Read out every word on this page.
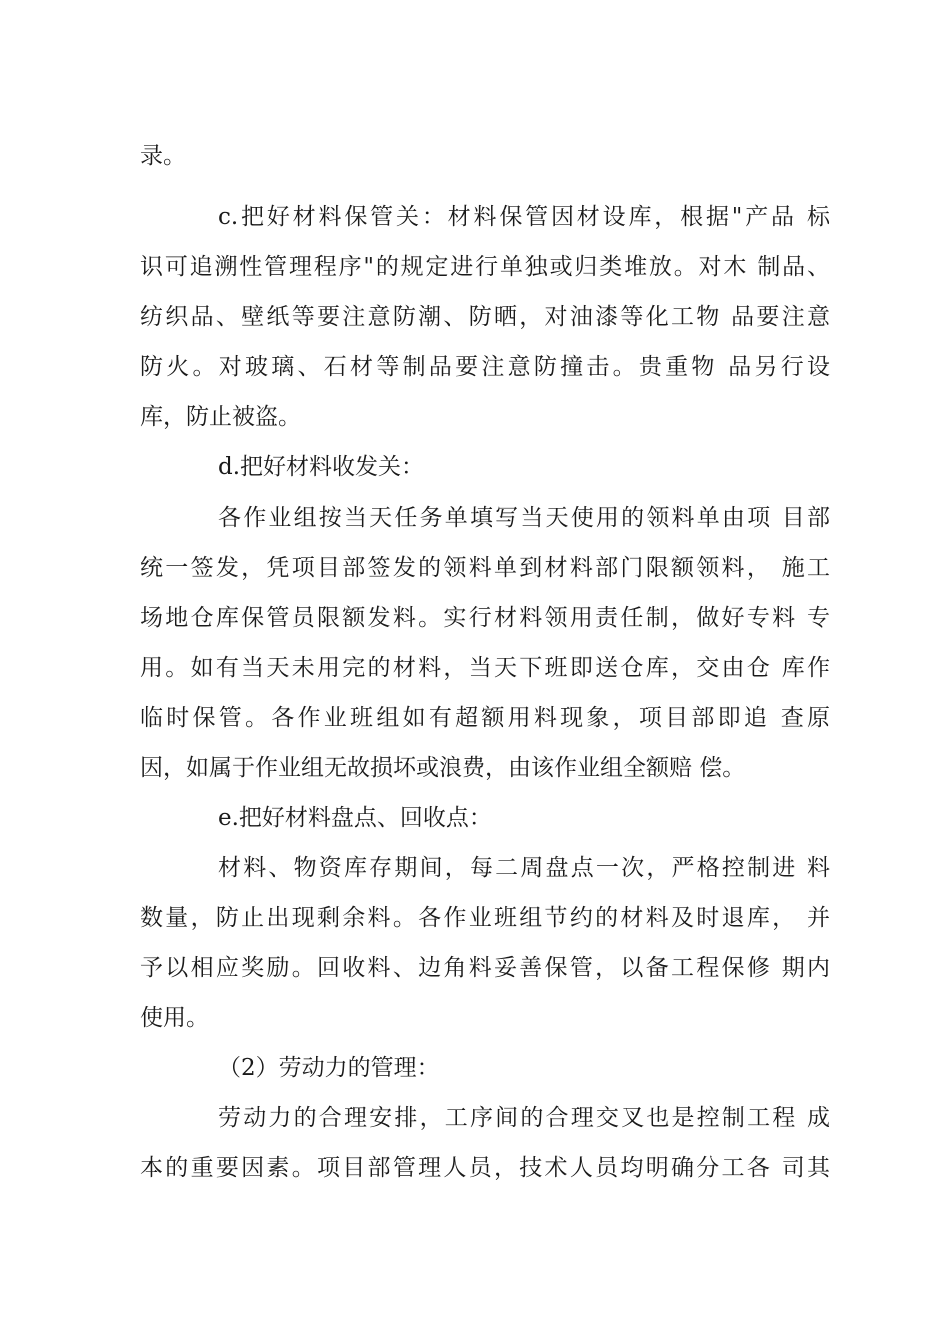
录。
c.把好材料保管关：材料保管因材设库，根据"产品 标
识可追溯性管理程序"的规定进行单独或归类堆放。对木 制品、
纺织品、壁纸等要注意防潮、防晒，对油漆等化工物 品要注意
防火。对玻璃、石材等制品要注意防撞击。贵重物 品另行设
库，防止被盗。
d.把好材料收发关：
各作业组按当天任务单填写当天使用的领料单由项 目部
统一签发，凭项目部签发的领料单到材料部门限额领料， 施工
场地仓库保管员限额发料。实行材料领用责任制，做好专料 专
用。如有当天未用完的材料，当天下班即送仓库，交由仓 库作
临时保管。各作业班组如有超额用料现象，项目部即追 查原
因，如属于作业组无故损坏或浪费，由该作业组全额赔 偿。
e.把好材料盘点、回收点：
材料、物资库存期间，每二周盘点一次，严格控制进 料
数量，防止出现剩余料。各作业班组节约的材料及时退库， 并
予以相应奖励。回收料、边角料妥善保管，以备工程保修 期内
使用。
（2）劳动力的管理：
劳动力的合理安排，工序间的合理交叉也是控制工程 成
本的重要因素。项目部管理人员，技术人员均明确分工各 司其
